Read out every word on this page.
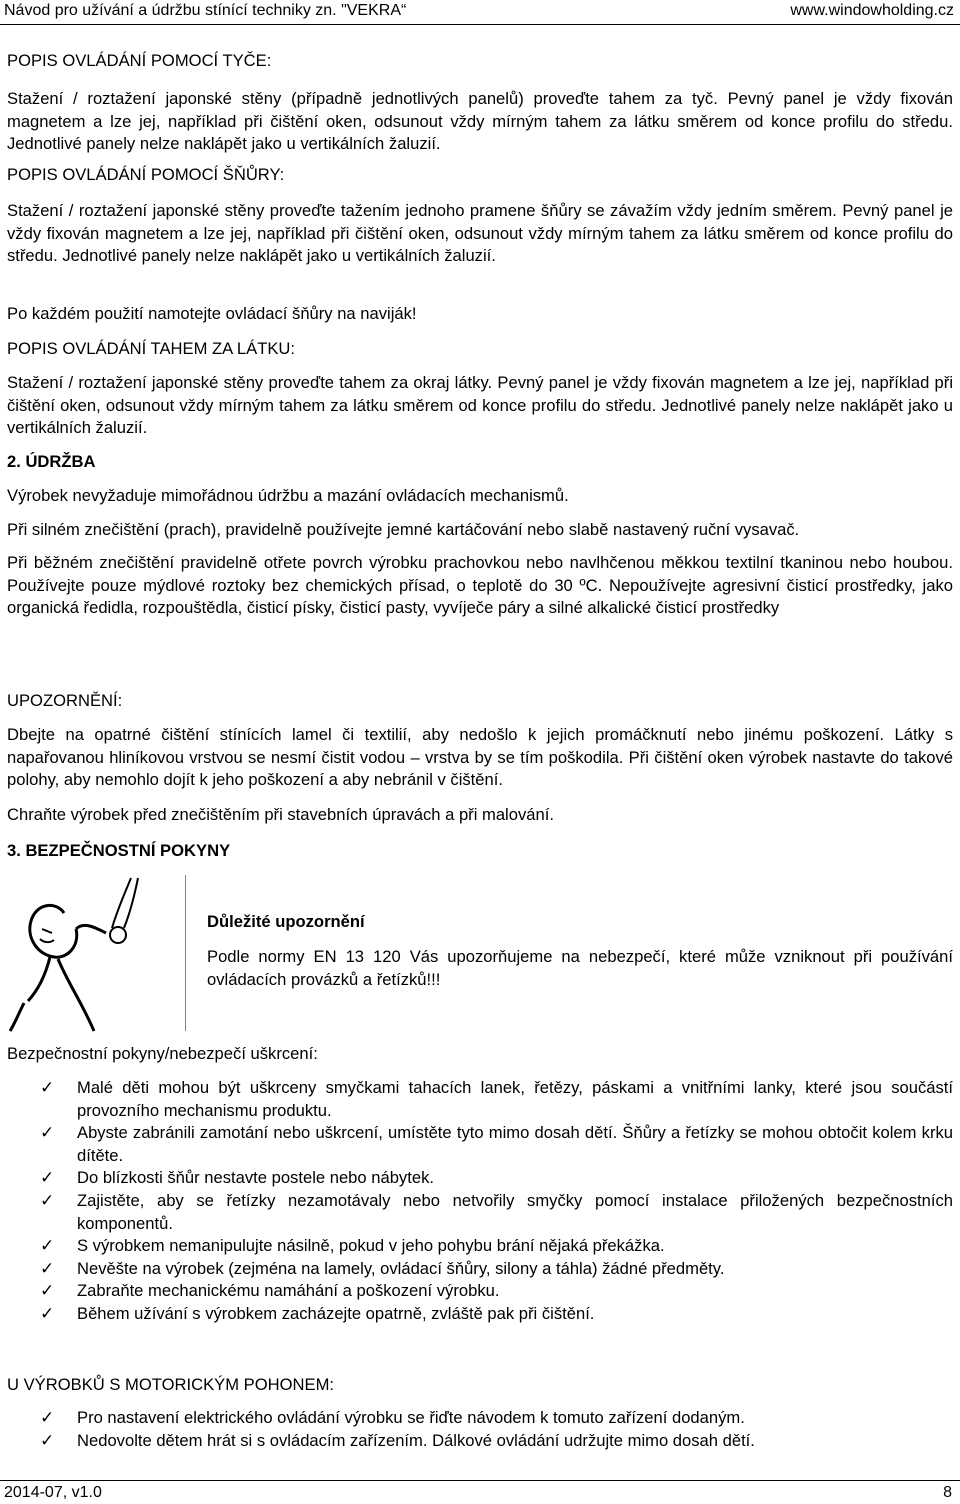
Návod pro užívání a údržbu stínící techniky zn. "VEKRA“	www.windowholding.cz

POPIS OVLÁDÁNÍ POMOCÍ TYČE:

Stažení / roztažení japonské stěny (případně jednotlivých panelů) proveďte tahem za tyč. Pevný panel je vždy fixován magnetem a lze jej, například při čištění oken, odsunout vždy mírným tahem za látku směrem od konce profilu do středu. Jednotlivé panely nelze naklápět jako u vertikálních žaluzií.

POPIS OVLÁDÁNÍ POMOCÍ ŠŇŮRY:

Stažení / roztažení japonské stěny proveďte tažením jednoho pramene šňůry se závažím vždy jedním směrem. Pevný panel je vždy fixován magnetem a lze jej, například při čištění oken, odsunout vždy mírným tahem za látku směrem od konce profilu do středu. Jednotlivé panely nelze naklápět jako u vertikálních žaluzií.

Po každém použití namotejte ovládací šňůry na naviják!

POPIS OVLÁDÁNÍ TAHEM ZA LÁTKU:

Stažení / roztažení japonské stěny proveďte tahem za okraj látky. Pevný panel je vždy fixován magnetem a lze jej, například při čištění oken, odsunout vždy mírným tahem za látku směrem od konce profilu do středu. Jednotlivé panely nelze naklápět jako u vertikálních žaluzií.

2. ÚDRŽBA

Výrobek nevyžaduje mimořádnou údržbu a mazání ovládacích mechanismů.

Při silném znečištění (prach), pravidelně používejte jemné kartáčování nebo slabě nastavený ruční vysavač.

Při běžném znečištění pravidelně otřete povrch výrobku prachovkou nebo navlhčenou měkkou textilní tkaninou nebo houbou. Používejte pouze mýdlové roztoky bez chemických přísad, o teplotě do 30 ºC. Nepoužívejte agresivní čisticí prostředky, jako organická ředidla, rozpouštědla, čisticí písky, čisticí pasty, vyvíječe páry a silné alkalické čisticí prostředky

UPOZORNĚNÍ:

Dbejte na opatrné čištění stínících lamel či textilií, aby nedošlo k jejich promáčknutí nebo jinému poškození. Látky s napařovanou hliníkovou vrstvou se nesmí čistit vodou – vrstva by se tím poškodila. Při čištění oken výrobek nastavte do takové polohy, aby nemohlo dojít k jeho poškození a aby nebránil v čištění.

Chraňte výrobek před znečištěním při stavebních úpravách a při malování.

3. BEZPEČNOSTNÍ POKYNY

Důležité upozornění

Podle normy EN 13 120 Vás upozorňujeme na nebezpečí, které může vzniknout při používání ovládacích provázků a řetízků!!!

Bezpečnostní pokyny/nebezpečí uškrcení:

✓ Malé děti mohou být uškrceny smyčkami tahacích lanek, řetězy, páskami a vnitřními lanky, které jsou součástí provozního mechanismu produktu.
✓ Abyste zabránili zamotání nebo uškrcení, umístěte tyto mimo dosah dětí. Šňůry a řetízky se mohou obtočit kolem krku dítěte.
✓ Do blízkosti šňůr nestavte postele nebo nábytek.
✓ Zajistěte, aby se řetízky nezamotávaly nebo netvořily smyčky pomocí instalace přiložených bezpečnostních komponentů.
✓ S výrobkem nemanipulujte násilně, pokud v jeho pohybu brání nějaká překážka.
✓ Nevěšte na výrobek (zejména na lamely, ovládací šňůry, silony a táhla) žádné předměty.
✓ Zabraňte mechanickému namáhání a poškození výrobku.
✓ Během užívání s výrobkem zacházejte opatrně, zvláště pak při čištění.

U VÝROBKŮ S MOTORICKÝM POHONEM:

✓ Pro nastavení elektrického ovládání výrobku se řiďte návodem k tomuto zařízení dodaným.
✓ Nedovolte dětem hrát si s ovládacím zařízením. Dálkové ovládání udržujte mimo dosah dětí.
2014-07, v1.0	8
